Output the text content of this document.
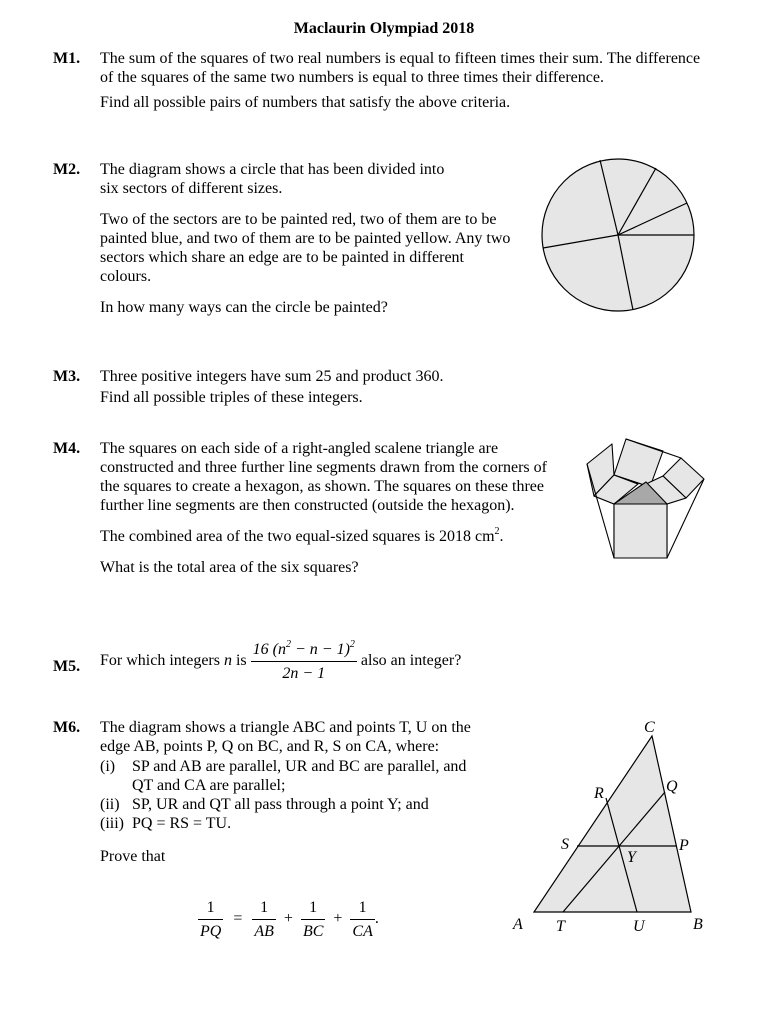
Maclaurin Olympiad 2018
M1. The sum of the squares of two real numbers is equal to fifteen times their sum. The difference of the squares of the same two numbers is equal to three times their difference.

Find all possible pairs of numbers that satisfy the above criteria.

M2. The diagram shows a circle that has been divided into six sectors of different sizes.

Two of the sectors are to be painted red, two of them are to be painted blue, and two of them are to be painted yellow. Any two sectors which share an edge are to be painted in different colours.

In how many ways can the circle be painted?

M3. Three positive integers have sum 25 and product 360.
Find all possible triples of these integers.
M4. The squares on each side of a right-angled scalene triangle are constructed and three further line segments drawn from the corners of the squares to create a hexagon, as shown. The squares on these three further line segments are then constructed (outside the hexagon).

The combined area of the two equal-sized squares is 2018 $cm^2$.

What is the total area of the six squares?

M5. For which integers n is $\frac{16 (n^2 - n - 1)^2}{2n - 1}$ also an integer?
M6. The diagram shows a triangle ABC and points T, U on the edge AB, points P, Q on BC, and R, S on CA, where:
(i) SP and AB are parallel, UR and BC are parallel, and QT and CA are parallel;
(ii) SP, UR and QT all pass through a point Y; and
(iii) PQ = RS = TU.
Prove that
$\frac{1}{PQ} = \frac{1}{AB} + \frac{1}{BC} + \frac{1}{CA}$ .
C
Q
R
S	P
Y
A T	U	B
